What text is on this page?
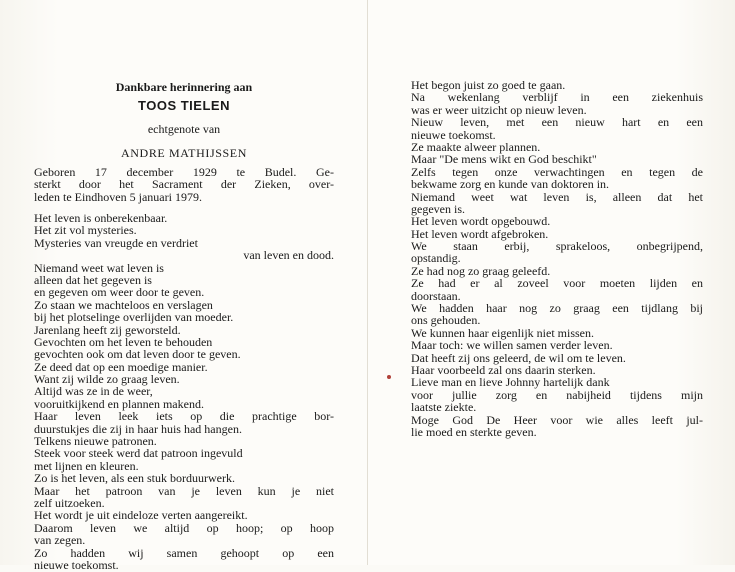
Dankbare herinnering aan
TOOS TIELEN
echtgenote van
ANDRE MATHIJSSEN
Geboren 17 december 1929 te Budel. Ge-
sterkt door het Sacrament der Zieken, over-
leden te Eindhoven 5 januari 1979.
Het leven is onberekenbaar.
Het zit vol mysteries.
Mysteries van vreugde en verdriet
van leven en dood.
Niemand weet wat leven is
alleen dat het gegeven is
en gegeven om weer door te geven.
Zo staan we machteloos en verslagen
bij het plotselinge overlijden van moeder.
Jarenlang heeft zij geworsteld.
Gevochten om het leven te behouden
gevochten ook om dat leven door te geven.
Ze deed dat op een moedige manier.
Want zij wilde zo graag leven.
Altijd was ze in de weer,
vooruitkijkend en plannen makend.
Haar leven leek iets op die prachtige bor-
duurstukjes die zij in haar huis had hangen.
Telkens nieuwe patronen.
Steek voor steek werd dat patroon ingevuld
met lijnen en kleuren.
Zo is het leven, als een stuk borduurwerk.
Maar het patroon van je leven kun je niet
zelf uitzoeken.
Het wordt je uit eindeloze verten aangereikt.
Daarom leven we altijd op hoop; op hoop
van zegen.
Zo hadden wij samen gehoopt op een
nieuwe toekomst.
Het begon juist zo goed te gaan.
Na wekenlang verblijf in een ziekenhuis
was er weer uitzicht op nieuw leven.
Nieuw leven, met een nieuw hart en een
nieuwe toekomst.
Ze maakte alweer plannen.
Maar "De mens wikt en God beschikt"
Zelfs tegen onze verwachtingen en tegen de
bekwame zorg en kunde van doktoren in.
Niemand weet wat leven is, alleen dat het
gegeven is.
Het leven wordt opgebouwd.
Het leven wordt afgebroken.
We staan erbij, sprakeloos, onbegrijpend,
opstandig.
Ze had nog zo graag geleefd.
Ze had er al zoveel voor moeten lijden en
doorstaan.
We hadden haar nog zo graag een tijdlang bij
ons gehouden.
We kunnen haar eigenlijk niet missen.
Maar toch: we willen samen verder leven.
Dat heeft zij ons geleerd, de wil om te leven.
Haar voorbeeld zal ons daarin sterken.
Lieve man en lieve Johnny hartelijk dank
voor jullie zorg en nabijheid tijdens mijn
laatste ziekte.
Moge God De Heer voor wie alles leeft jul-
lie moed en sterkte geven.
